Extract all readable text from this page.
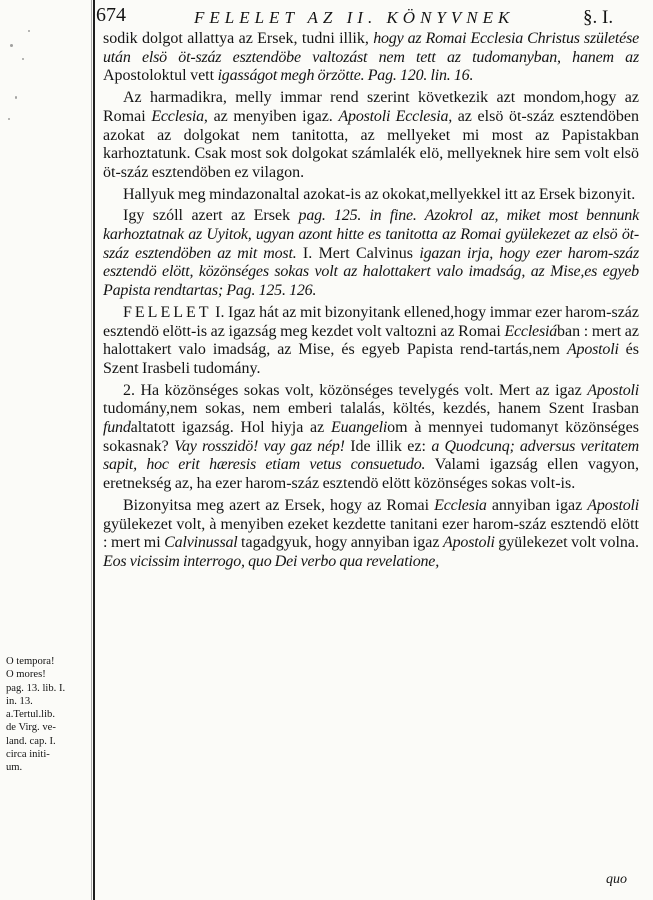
674	FELELET AZ II. KÖNYVNEK	§. I.

sodik dolgot allattya az Ersek, tudni illik, hogy az Romai Ecclesia Christus születése után elsö öt-száz esztendöbe valtozást nem tett az tudomanyban, hanem az Apostoloktul vett igasságot megh örzötte. Pag. 120. lin. 16.

Az harmadikra, melly immar rend szerint következik azt mondom,hogy az Romai Ecclesia, az menyiben igaz. Apostoli Ecclesia, az elsö öt-száz esztendöben azokat az dolgokat nem tanitotta, az mellyeket mi most az Papistakban karhoztatunk. Csak most sok dolgokat számlalék elö, mellyeknek hire sem volt elsö öt-száz esztendöben ez vilagon.

Hallyuk meg mindazonaltal azokat-is az okokat,mellyekkel itt az Ersek bizonyit.

Igy szóll azert az Ersek pag. 125. in fine. Azokrol az, miket most bennunk karhoztatnak az Uyitok, ugyan azont hitte es tanitotta az Romai gyülekezet az elsö öt-száz esztendöben az mit most. I. Mert Calvinus igazan irja, hogy ezer harom-száz esztendö elött, közönséges sokas volt az halottakert valo imadság, az Mise,es egyeb Papista rendtartas; Pag. 125. 126.

FELELET I. Igaz hát az mit bizonyitank ellened,hogy immar ezer harom-száz esztendö elött-is az igazság meg kezdet volt valtozni az Romai Ecclesiában : mert az halottakert valo imadság, az Mise, és egyeb Papista rend-tartás,nem Apostoli és Szent Irasbeli tudomány.

2. Ha közönséges sokas volt, közönséges tevelygés volt. Mert az igaz Apostoli tudomány,nem sokas, nem emberi talalás, költés, kezdés, hanem Szent Irasban fundaltatott igazság. Hol hiyja az Euangeliom à mennyei tudomanyt közönséges sokasnak? Vay rosszidö! vay gaz nép! Ide illik ez: a Quodcunq; adversus veritatem sapit, hoc erit hæresis etiam vetus consuetudo. Valami igazság ellen vagyon, eretnekség az, ha ezer harom-száz esztendö elött közönséges sokas volt-is.

Bizonyitsa meg azert az Ersek, hogy az Romai Ecclesia annyiban igaz Apostoli gyülekezet volt, à menyiben ezeket kezdette tanitani ezer harom-száz esztendö elött : mert mi Calvinussal tagadgyuk, hogy annyiban igaz Apostoli gyülekezet volt volna. Eos vicissim interrogo, quo Dei verbo qua revelatione,

O tempora!
O mores!
pag. 13. lib. I.
in. 13.
a.Tertul.lib.
de Virg. ve-
land. cap. I.
circa initi-
um.
quo
